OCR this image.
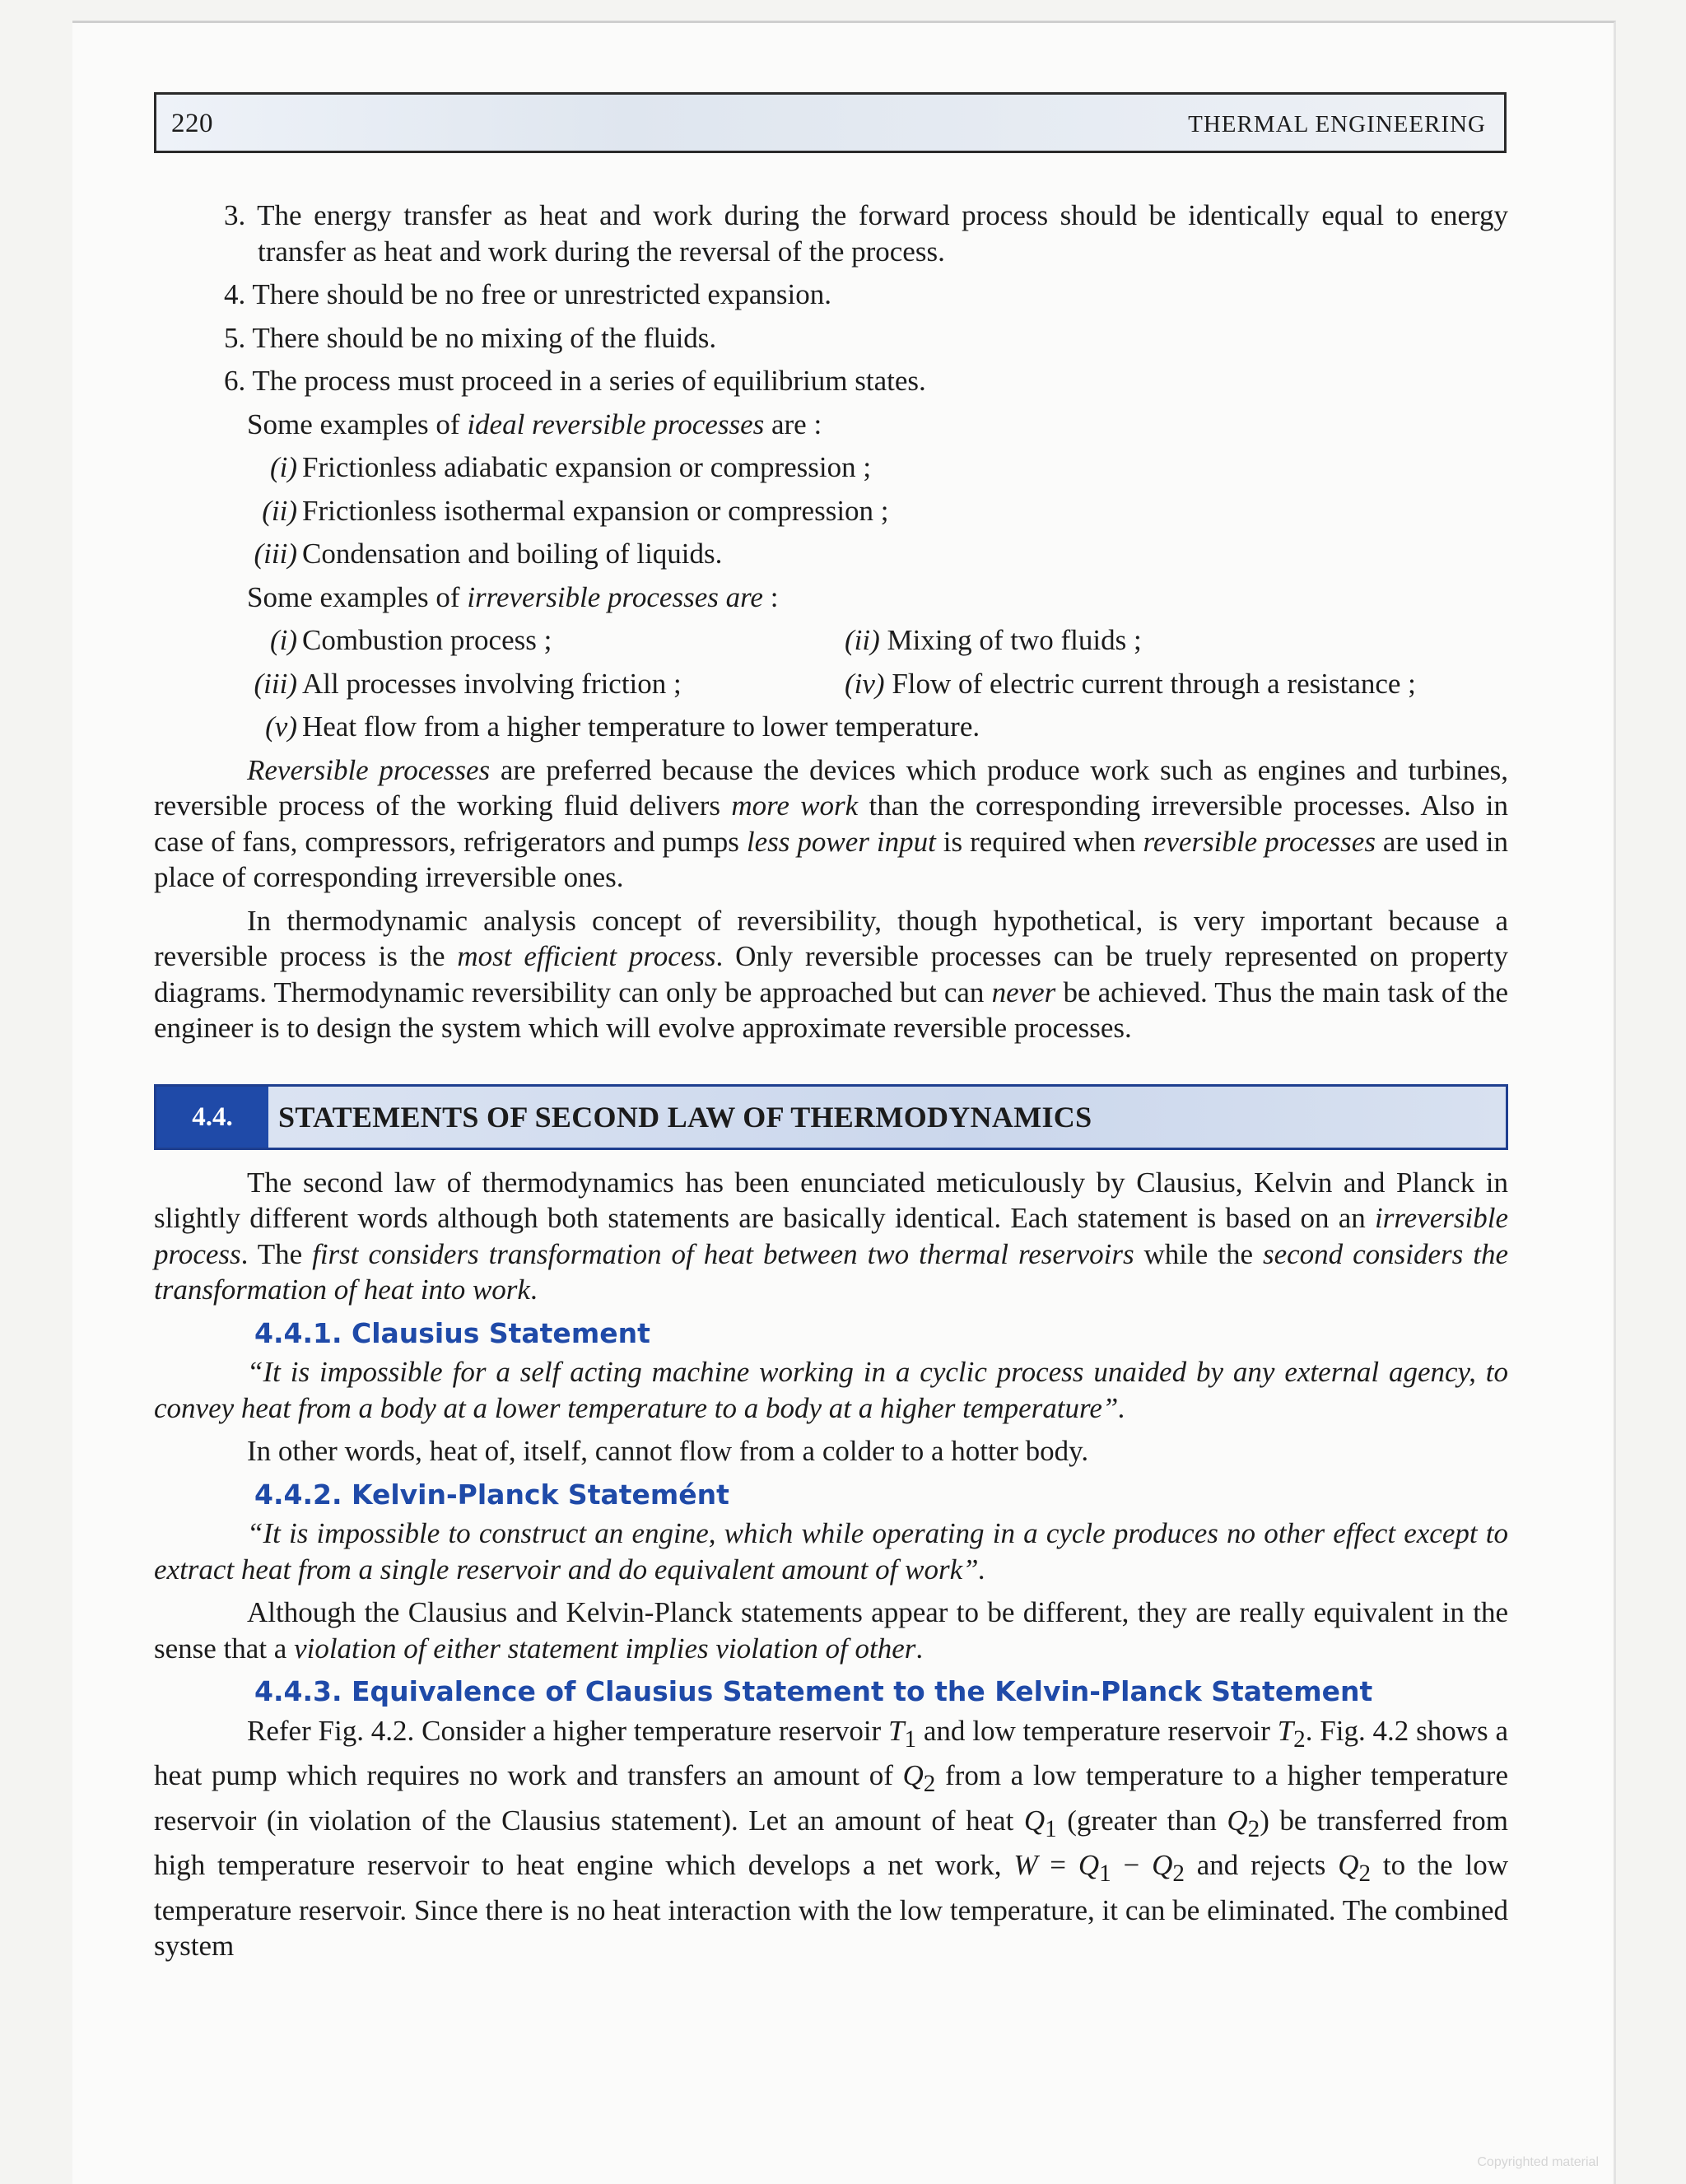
220	THERMAL ENGINEERING

3. The energy transfer as heat and work during the forward process should be identically equal to energy transfer as heat and work during the reversal of the process.

4. There should be no free or unrestricted expansion.

5. There should be no mixing of the fluids.

6. The process must proceed in a series of equilibrium states.

Some examples of ideal reversible processes are :

(i) Frictionless adiabatic expansion or compression ;

(ii) Frictionless isothermal expansion or compression ;

(iii) Condensation and boiling of liquids.

Some examples of irreversible processes are :

(i) Combustion process ;	(ii) Mixing of two fluids ;
(iii) All processes involving friction ;	(iv) Flow of electric current through a resistance ;

(v) Heat flow from a higher temperature to lower temperature.

Reversible processes are preferred because the devices which produce work such as engines and turbines, reversible process of the working fluid delivers more work than the corresponding irreversible processes. Also in case of fans, compressors, refrigerators and pumps less power input is required when reversible processes are used in place of corresponding irreversible ones.

In thermodynamic analysis concept of reversibility, though hypothetical, is very important because a reversible process is the most efficient process. Only reversible processes can be truely represented on property diagrams. Thermodynamic reversibility can only be approached but can never be achieved. Thus the main task of the engineer is to design the system which will evolve approximate reversible processes.

4.4.	STATEMENTS OF SECOND LAW OF THERMODYNAMICS

The second law of thermodynamics has been enunciated meticulously by Clausius, Kelvin and Planck in slightly different words although both statements are basically identical. Each statement is based on an irreversible process. The first considers transformation of heat between two thermal reservoirs while the second considers the transformation of heat into work.

4.4.1. Clausius Statement

“It is impossible for a self acting machine working in a cyclic process unaided by any external agency, to convey heat from a body at a lower temperature to a body at a higher temperature”.

In other words, heat of, itself, cannot flow from a colder to a hotter body.

4.4.2. Kelvin-Planck Statemént

“It is impossible to construct an engine, which while operating in a cycle produces no other effect except to extract heat from a single reservoir and do equivalent amount of work”.

Although the Clausius and Kelvin-Planck statements appear to be different, they are really equivalent in the sense that a violation of either statement implies violation of other.

4.4.3. Equivalence of Clausius Statement to the Kelvin-Planck Statement

Refer Fig. 4.2. Consider a higher temperature reservoir $T_1$ and low temperature reservoir $T_2$. Fig. 4.2 shows a heat pump which requires no work and transfers an amount of $Q_2$ from a low temperature to a higher temperature reservoir (in violation of the Clausius statement). Let an amount of heat $Q_1$ (greater than $Q_2$) be transferred from high temperature reservoir to heat engine which develops a net work, $W = Q_1 - Q_2$ and rejects $Q_2$ to the low temperature reservoir. Since there is no heat interaction with the low temperature, it can be eliminated. The combined system

Copyrighted material
